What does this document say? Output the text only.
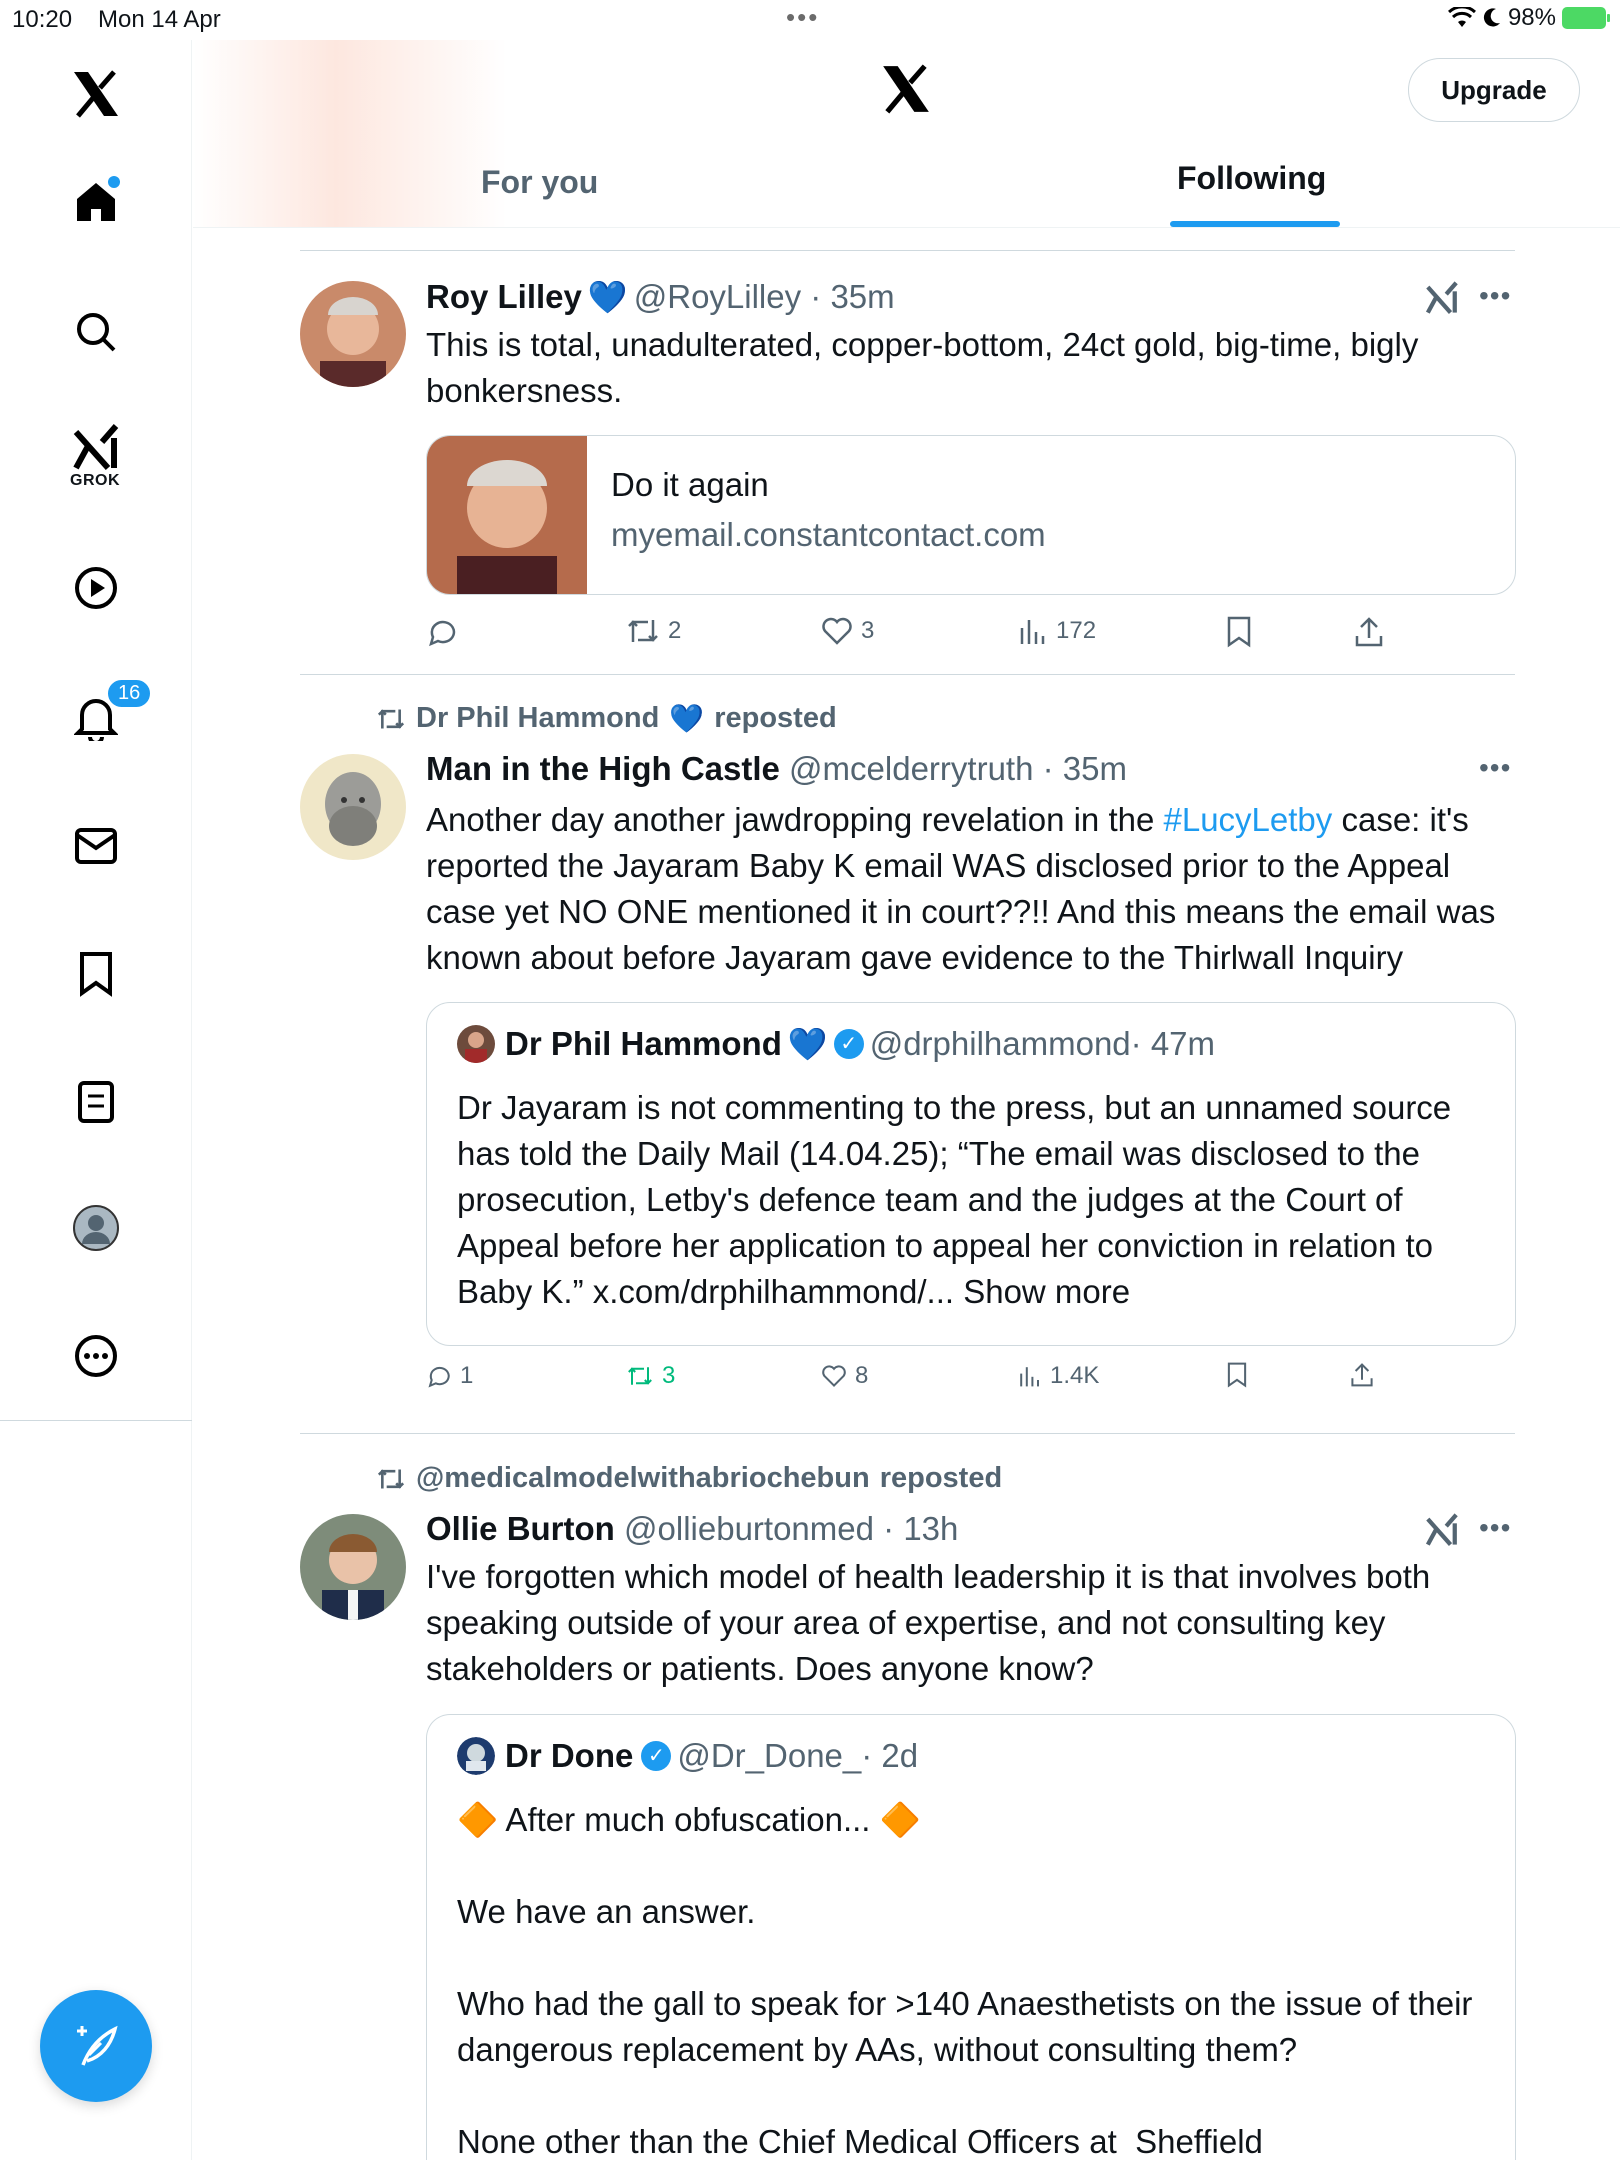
10:20 Mon 14 Apr	•••	98%
GROK
16
Upgrade
For you	Following
Roy Lilley 💙 @RoyLilley · 35m	•••
This is total, unadulterated, copper-bottom, 24ct gold, big-time, bigly bonkersness.
Do it again
myemail.constantcontact.com
2	3	172
Dr Phil Hammond 💙 reposted
Man in the High Castle @mcelderrytruth · 35m	•••
Another day another jawdropping revelation in the #LucyLetby case: it's reported the Jayaram Baby K email WAS disclosed prior to the Appeal case yet NO ONE mentioned it in court??!! And this means the email was known about before Jayaram gave evidence to the Thirlwall Inquiry
Dr Phil Hammond 💙 ✓ @drphilhammond · 47m
Dr Jayaram is not commenting to the press, but an unnamed source has told the Daily Mail (14.04.25); “The email was disclosed to the prosecution, Letby's defence team and the judges at the Court of Appeal before her application to appeal her conviction in relation to Baby K.” x.com/drphilhammond/... Show more
1	3	8	1.4K
@medicalmodelwithabriochebun reposted
Ollie Burton @ollieburtonmed · 13h	•••
I've forgotten which model of health leadership it is that involves both speaking outside of your area of expertise, and not consulting key stakeholders or patients. Does anyone know?
Dr Done ✓ @Dr_Done_ · 2d
🔶 After much obfuscation... 🔶
We have an answer.
Who had the gall to speak for >140 Anaesthetists on the issue of their dangerous replacement by AAs, without consulting them?
None other than the Chief Medical Officers at  Sheffield
